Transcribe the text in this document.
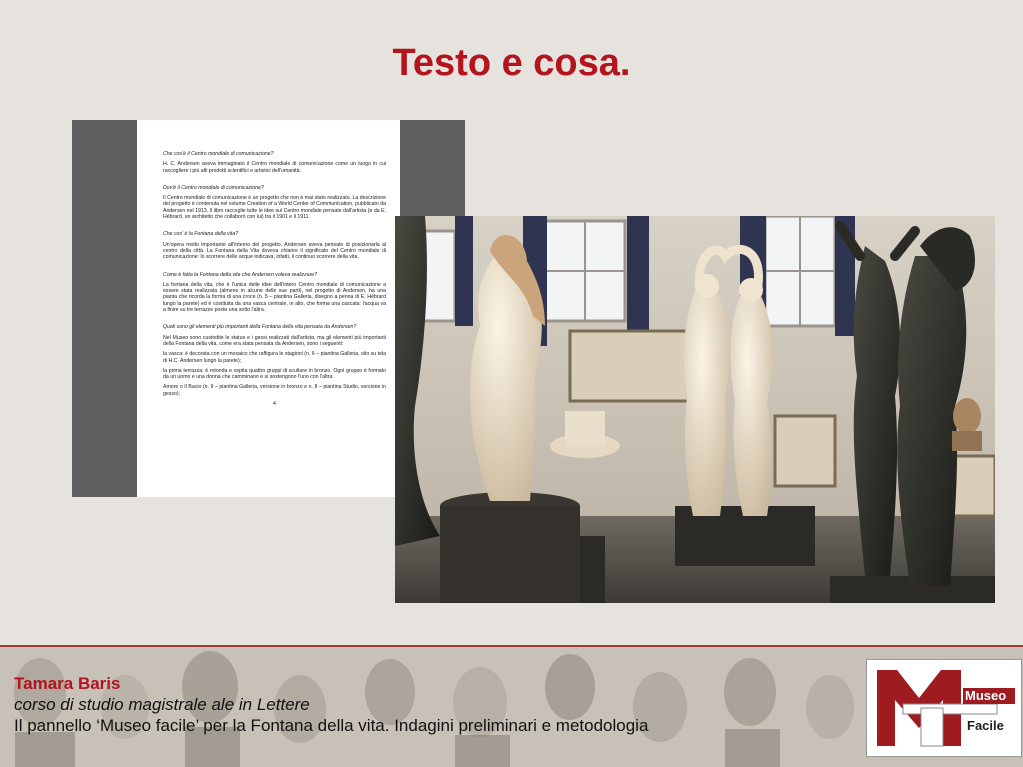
Testo e cosa.

Che cos'è il Centro mondiale di comunicazione?

H. C. Andersen aveva immaginato il Centro mondiale di comunicazione come un luogo in cui raccogliere i più alti prodotti scientifici e artistici dell'umanità.

Dov'è il Centro mondiale di comunicazione?

Il Centro mondiale di comunicazione è un progetto che non è mai stato realizzato. La descrizione del progetto è contenuta nel volume Creation of a World Center of Communication, pubblicato da Andersen nel 1913. Il libro raccoglie tutte le idee sul Centro mondiale pensate dall'artista (e da E. Hébrard, un architetto che collaborò con lui) tra il 1901 e il 1911.

Che cos' è la Fontana della vita?

Un'opera molto importante all'interno del progetto. Andersen aveva pensato di posizionarla al centro della città. La Fontana della Vita doveva chiarire il significato del Centro mondiale di comunicazione: lo scorrere delle acque indicava, infatti, il continuo scorrere della vita.

Come è fatta la Fontana della vita che Andersen voleva realizzare?

La fontana della vita, che è l'unica delle idee dell'intero Centro mondiale di comunicazione a essere stata realizzata (almeno in alcune delle sue parti), nel progetto di Andersen, ha una pianta che ricorda la forma di una croce (n. 5 – piantina Galleria, disegno a penna di E. Hébrard lungo la parete) ed è costituita da una vasca centrale, in alto, che forma una cascata: l'acqua va a finire su tre terrazze poste una sotto l'altra.

Quali sono gli elementi più importanti della Fontana della vita pensata da Andersen?

Nel Museo sono custodite le statue e i gessi realizzati dall'artista, ma gli elementi più importanti della Fontana della vita, come era stata pensata da Andersen, sono i seguenti:

la vasca: è decorata con un mosaico che raffigura le stagioni (n. 6 – piantina Galleria, olio su tela di H.C. Andersen lungo la parete);

la prima terrazza: è rotonda e ospita quattro gruppi di sculture in bronzo. Ogni gruppo è formato da un uomo e una donna che camminano e si sostengono l'uno con l'altra:

Amore o Il Bacio (n. 9 – piantina Galleria, versione in bronzo e n. 8 – piantina Studio, versione in gesso);

4
Tamara Baris
corso di studio magistrale ale in Lettere
Il pannello ‘Museo facile’ per la Fontana della vita. Indagini preliminari e metodologia
Museo
Facile
